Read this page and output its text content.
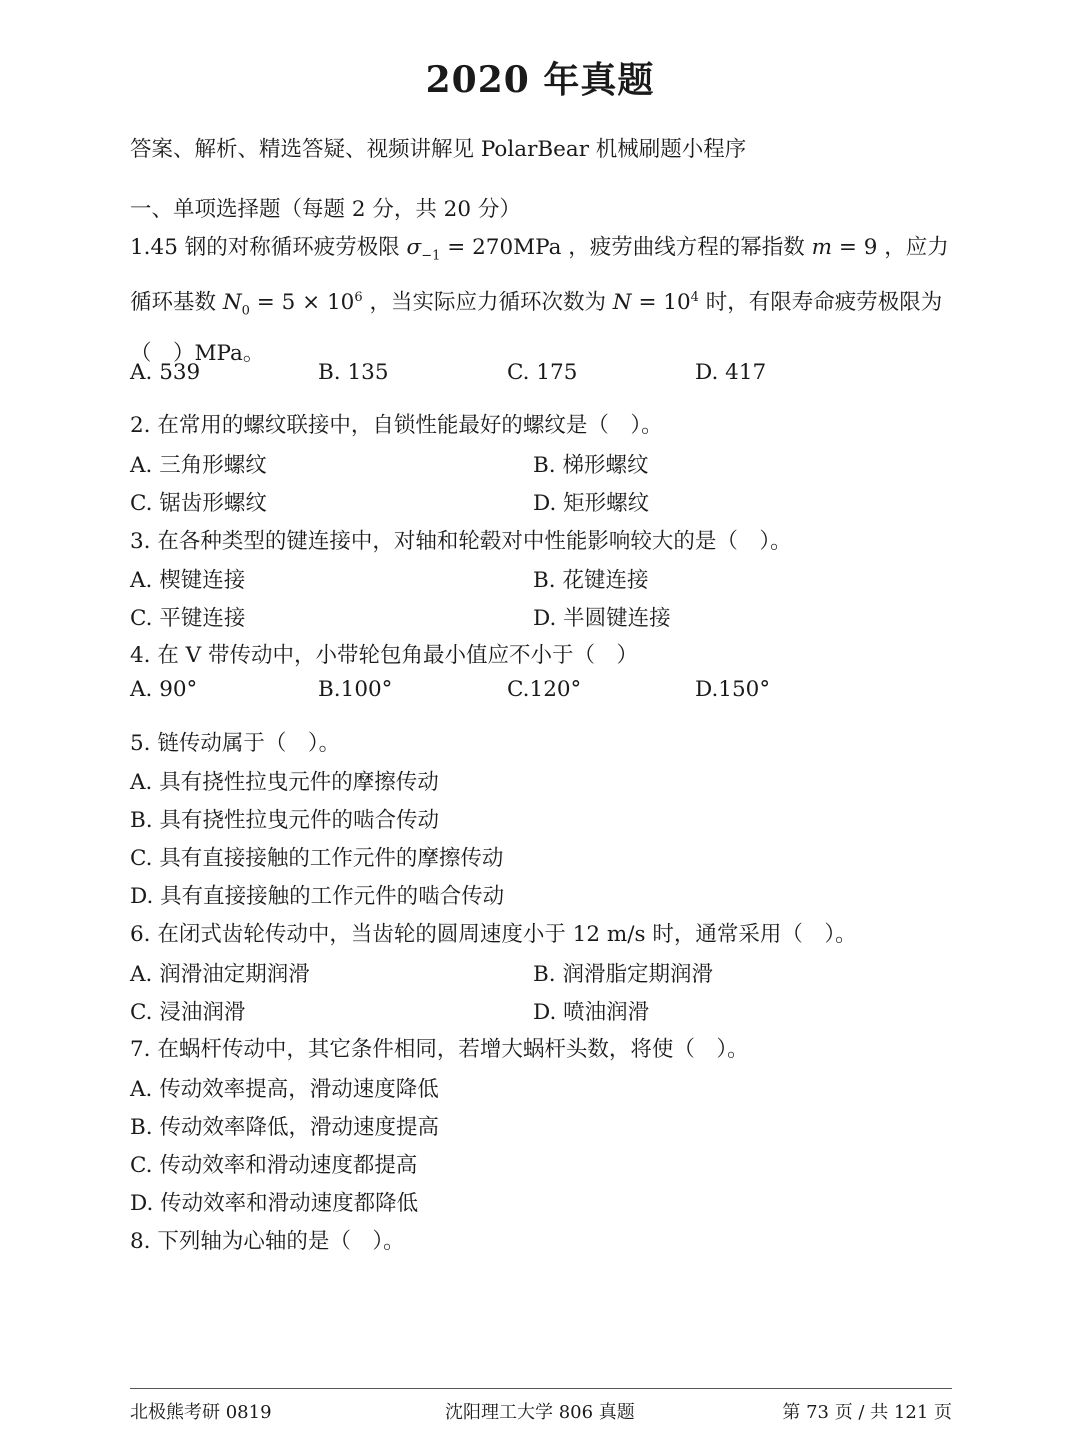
2020 年真题
答案、解析、精选答疑、视频讲解见 PolarBear 机械刷题小程序
一、单项选择题（每题 2 分，共 20 分）
1.45 钢的对称循环疲劳极限 $\sigma_{-1} = 270MPa$ ，疲劳曲线方程的幂指数 m = 9 ，应力循环基数 $N_0 = 5 \times 10^6$ ，当实际应力循环次数为 $N = 10^4$ 时，有限寿命疲劳极限为（　）MPa。
A. 539	B. 135	C. 175	D. 417
2. 在常用的螺纹联接中，自锁性能最好的螺纹是（　）。
A. 三角形螺纹	B. 梯形螺纹
C. 锯齿形螺纹	D. 矩形螺纹
3. 在各种类型的键连接中，对轴和轮毂对中性能影响较大的是（　）。
A. 楔键连接	B. 花键连接
C. 平键连接	D. 半圆键连接
4. 在 V 带传动中，小带轮包角最小值应不小于（　）
A. 90°	B.100°	C.120°	D.150°
5. 链传动属于（　）。
A. 具有挠性拉曳元件的摩擦传动
B. 具有挠性拉曳元件的啮合传动
C. 具有直接接触的工作元件的摩擦传动
D. 具有直接接触的工作元件的啮合传动
6. 在闭式齿轮传动中，当齿轮的圆周速度小于 12 m/s 时，通常采用（　）。
A. 润滑油定期润滑	B. 润滑脂定期润滑
C. 浸油润滑	D. 喷油润滑
7. 在蜗杆传动中，其它条件相同，若增大蜗杆头数，将使（　）。
A. 传动效率提高，滑动速度降低
B. 传动效率降低，滑动速度提高
C. 传动效率和滑动速度都提高
D. 传动效率和滑动速度都降低
8. 下列轴为心轴的是（　）。
北极熊考研 0819	沈阳理工大学 806 真题	第 73 页 / 共 121 页
